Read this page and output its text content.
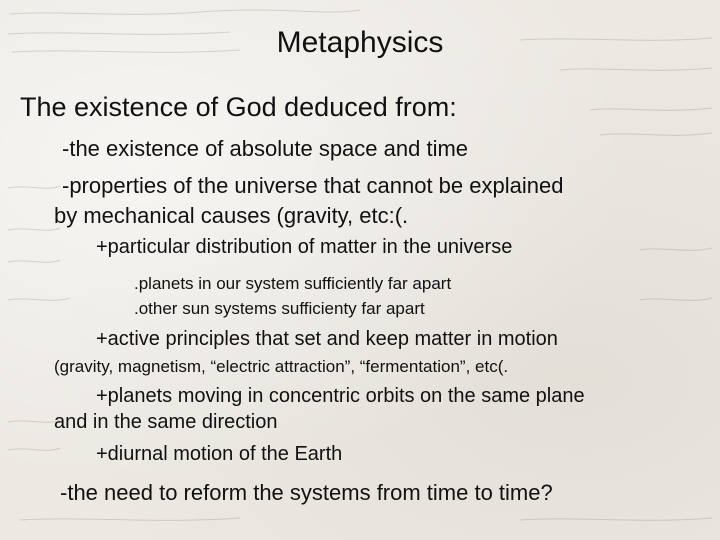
Metaphysics
The existence of God deduced from:
-the existence of absolute space and time
-properties of the universe that cannot be explained
by mechanical causes (gravity, etc:(.
+particular distribution of matter in the universe
.planets in our system sufficiently far apart
.other sun systems sufficienty far apart
+active principles that set and keep matter in motion
(gravity, magnetism, “electric attraction”, “fermentation”, etc(.
+planets moving in concentric orbits on the same plane
and in the same direction
+diurnal motion of the Earth
-the need to reform the systems from time to time?
